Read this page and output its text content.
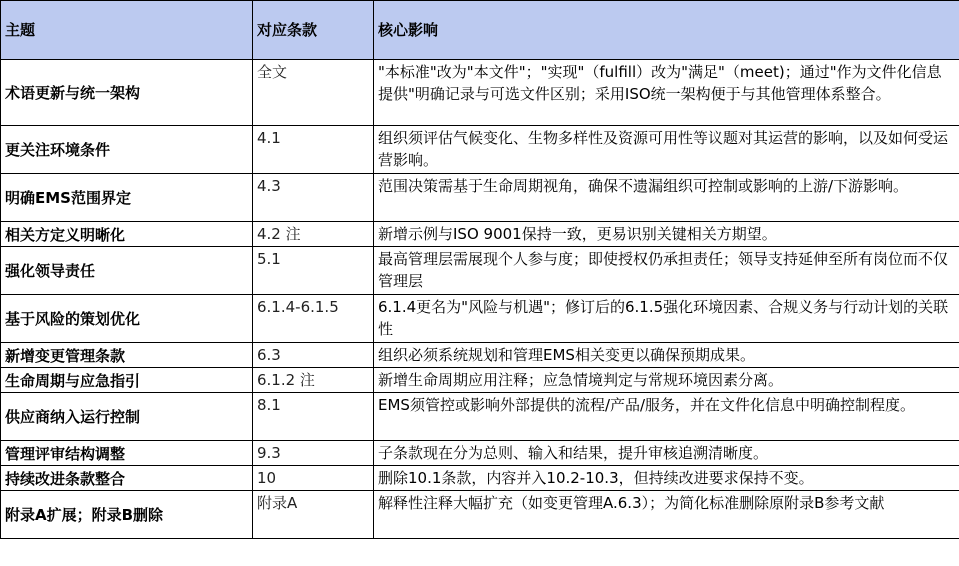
主题	对应条款	核心影响
术语更新与统一架构	全文	"本标准"改为"本文件"；"实现"（fulfill）改为"满足"（meet)；通过"作为文件化信息提供"明确记录与可选文件区别；采用ISO统一架构便于与其他管理体系整合。
更关注环境条件	4.1	组织须评估气候变化、生物多样性及资源可用性等议题对其运营的影响，以及如何受运营影响。
明确EMS范围界定	4.3	范围决策需基于生命周期视角，确保不遗漏组织可控制或影响的上游/下游影响。
相关方定义明晰化	4.2 注	新增示例与ISO 9001保持一致，更易识别关键相关方期望。
强化领导责任	5.1	最高管理层需展现个人参与度；即使授权仍承担责任；领导支持延伸至所有岗位而不仅管理层
基于风险的策划优化	6.1.4-6.1.5	6.1.4更名为"风险与机遇"；修订后的6.1.5强化环境因素、合规义务与行动计划的关联性
新增变更管理条款	6.3	组织必须系统规划和管理EMS相关变更以确保预期成果。
生命周期与应急指引	6.1.2 注	新增生命周期应用注释；应急情境判定与常规环境因素分离。
供应商纳入运行控制	8.1	EMS须管控或影响外部提供的流程/产品/服务，并在文件化信息中明确控制程度。
管理评审结构调整	9.3	子条款现在分为总则、输入和结果，提升审核追溯清晰度。
持续改进条款整合	10	删除10.1条款，内容并入10.2-10.3，但持续改进要求保持不变。
附录A扩展；附录B删除	附录A	解释性注释大幅扩充（如变更管理A.6.3）；为简化标准删除原附录B参考文献
